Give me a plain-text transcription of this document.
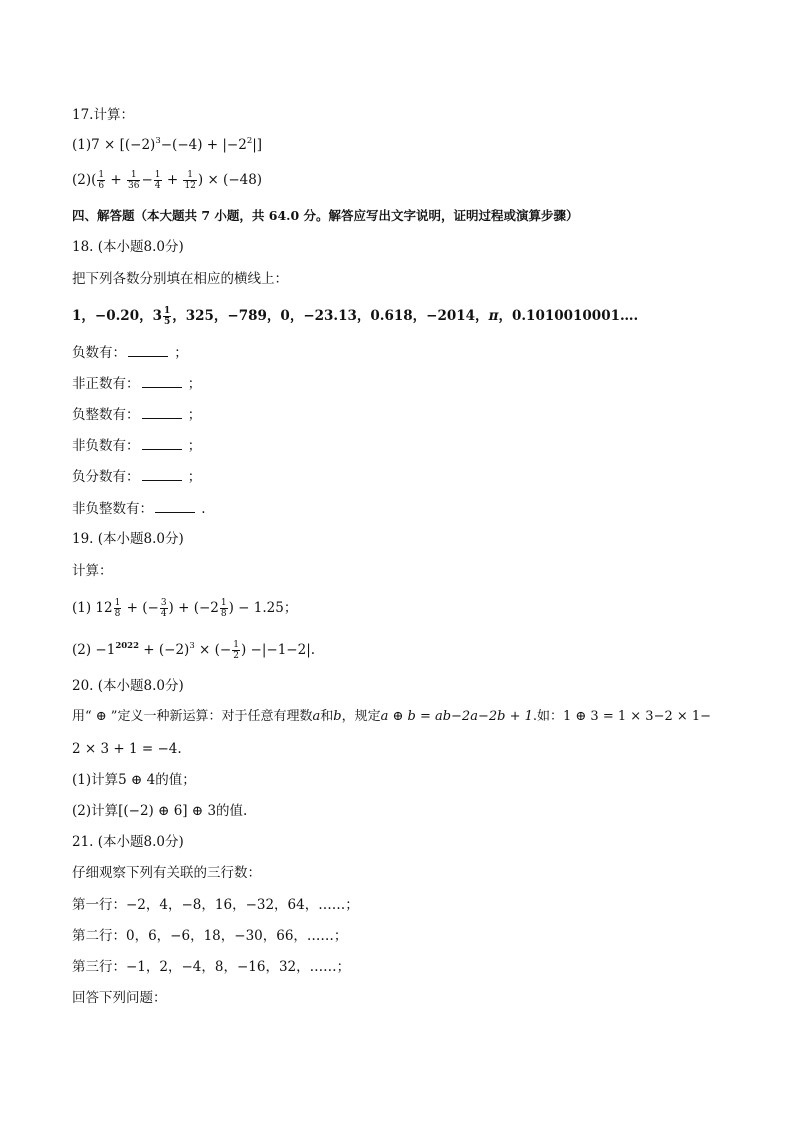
17.计算：
$(1)7 \times [(-2)^3-(-4) + |-2^2|]$
$(2)( \frac{1}{6} + \frac{1}{36} - \frac{1}{4} + \frac{1}{12}$ ) × (−48)
四、解答题（本大题共 7 小题，共 64.0 分。解答应写出文字说明，证明过程或演算步骤）
18. (本小题8.0分)
把下列各数分别填在相应的横线上：
1，−0.20，$3 \frac{1}{5}$ ，325，−789，0，−23.13，0.618，−2014，π，0.1010010001….
负数有：	；
非正数有：	；
负整数有：	；
非负数有：	；
负分数有：	；
非负整数有：	.
19. (本小题8.0分)
计算：
(1) $12 \frac{1}{8}$ + (− $\frac{3}{4}$ ) + ($-2 \frac{1}{8}$ ) − 1.25；
$(2) -1^{2022} + (-2)^3$ × (− $\frac{1}{2}$ ) −|−1−2|.
20. (本小题8.0分)
用“ ⊕ ”定义一种新运算：对于任意有理数a和b，规定a ⊕ b = ab−2a−2b + 1.如：1 ⊕ 3 = 1 × 3−2 × 1−
2 × 3 + 1 = −4.
(1)计算5 ⊕ 4的值；
(2)计算[(−2) ⊕ 6] ⊕ 3的值.
21. (本小题8.0分)
仔细观察下列有关联的三行数：
第一行：−2，4，−8，16，−32，64，……；
第二行：0，6，−6，18，−30，66，……；
第三行：−1，2，−4，8，−16，32，……；
回答下列问题：
